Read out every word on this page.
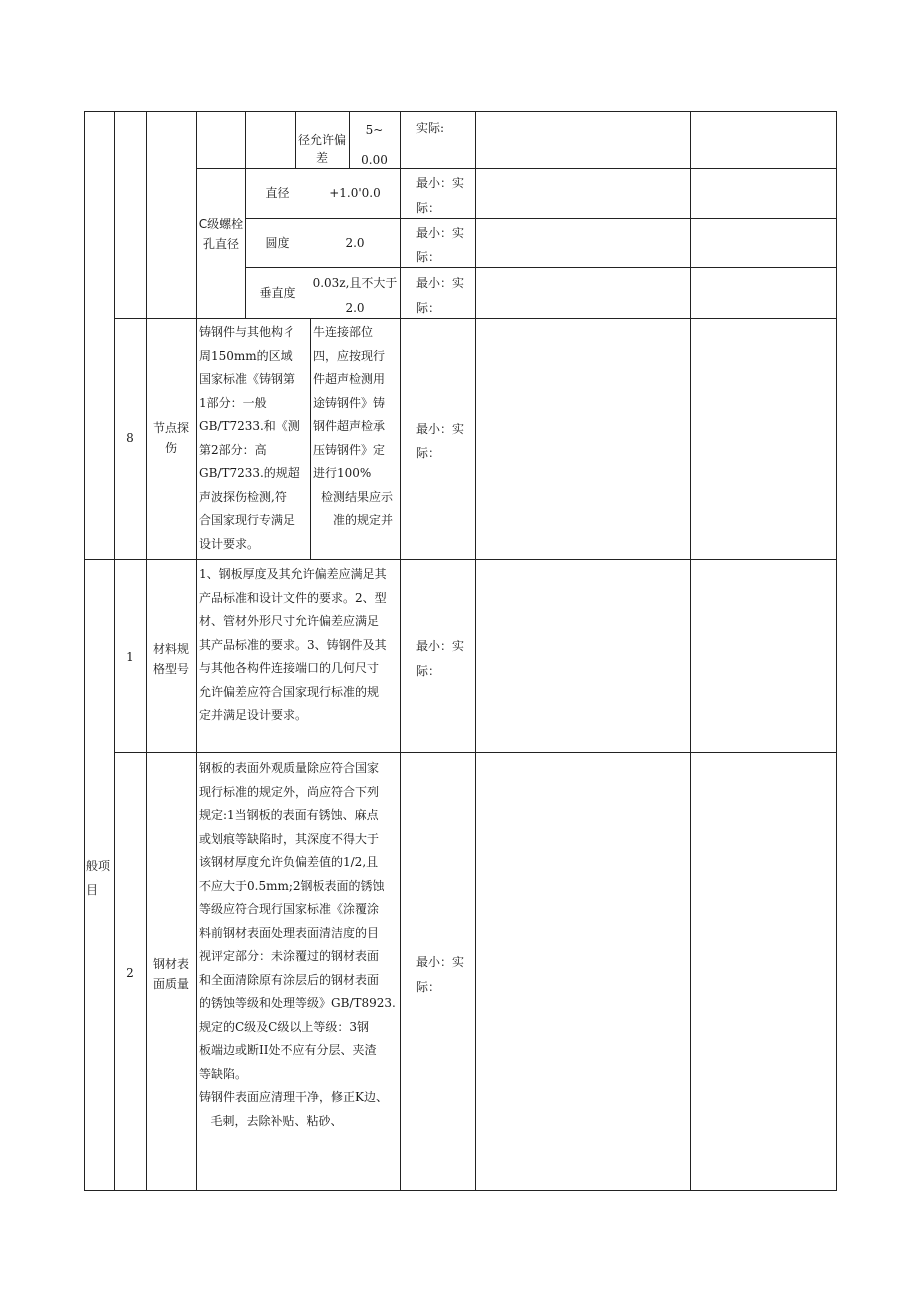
径允许偏差
5~
0.00
实际:
C级螺栓孔直径
直径	+1.0'0.0
最小：实
际：
圆度	2.0
最小：实
际：
垂直度
0.03z,且不大于
2.0
最小：实
际：
8
节点探伤
铸钢件与其他构彳
周150mm的区域
国家标准《铸钢第
1部分：一般
GB/T7233.和《测
第2部分：高
GB/T7233.的规超
声波探伤检测,符
合国家现行专满足
设计要求。
牛连接部位
四，应按现行
件超声检测用
途铸钢件》铸
钢件超声检承
压铸钢件》定
进行100%
检测结果应示
准的规定并
最小：实
际：
般项
目
1
材料规格型号
1、钢板厚度及其允许偏差应满足其
产品标准和设计文件的要求。2、型
材、管材外形尺寸允许偏差应满足
其产品标准的要求。3、铸钢件及其
与其他各构件连接端口的几何尺寸
允许偏差应符合国家现行标准的规
定并满足设计要求。
最小：实
际：
2
钢材表面质量
钢板的表面外观质量除应符合国家
现行标准的规定外，尚应符合下列
规定:1当钢板的表面有锈蚀、麻点
或划痕等缺陷时，其深度不得大于
该钢材厚度允许负偏差值的1/2,且
不应大于0.5mm;2钢板表面的锈蚀
等级应符合现行国家标准《涂覆涂
料前钢材表面处理表面清洁度的目
视评定部分：未涂覆过的钢材表面
和全面清除原有涂层后的钢材表面
的锈蚀等级和处理等级》GB/T8923.
规定的C级及C级以上等级：3钢
板端边或断II处不应有分层、夹渣
等缺陷。
铸钢件表面应清理干净，修正K边、
毛刺，去除补贴、粘砂、
最小：实
际：
